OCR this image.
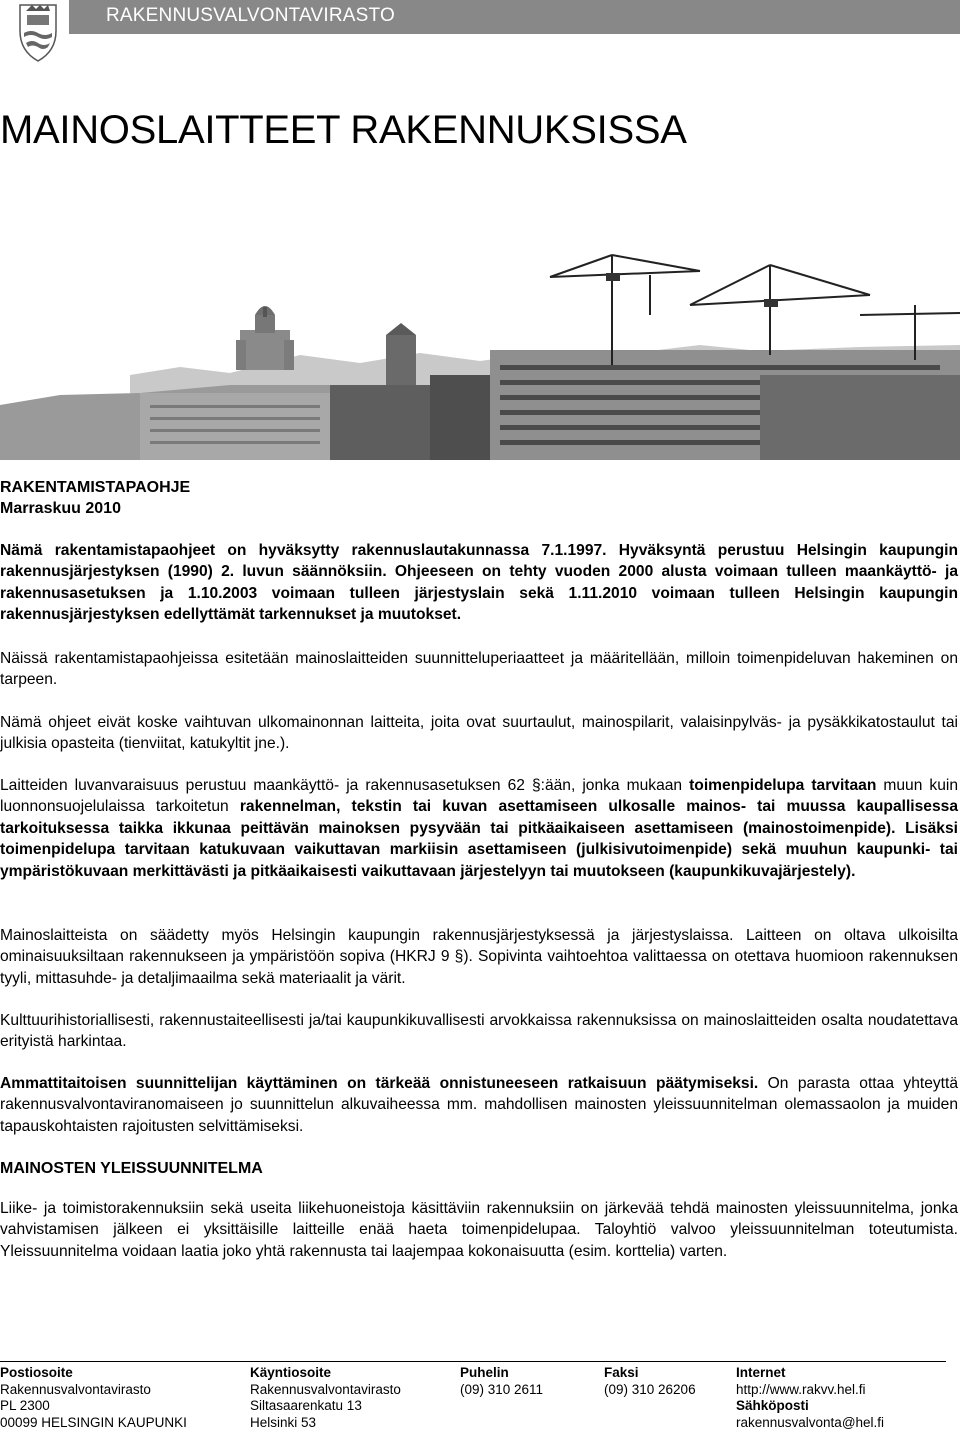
RAKENNUSVALVONTAVIRASTO
MAINOSLAITTEET RAKENNUKSISSA
RAKENTAMISTAPAOHJE
Marraskuu 2010

Nämä rakentamistapaohjeet on hyväksytty rakennuslautakunnassa 7.1.1997. Hyväksyntä perustuu Helsingin kaupungin rakennusjärjestyksen (1990) 2. luvun säännöksiin. Ohjeeseen on tehty vuoden 2000 alusta voimaan tulleen maankäyttö- ja rakennusasetuksen ja 1.10.2003 voimaan tulleen järjestyslain sekä 1.11.2010 voimaan tulleen Helsingin kaupungin rakennusjärjestyksen edellyttämät tarkennukset ja muutokset.

Näissä rakentamistapaohjeissa esitetään mainoslaitteiden suunnitteluperiaatteet ja määritellään, milloin toimenpideluvan hakeminen on tarpeen.

Nämä ohjeet eivät koske vaihtuvan ulkomainonnan laitteita, joita ovat suurtaulut, mainospilarit, valaisinpylväs- ja pysäkkikatostaulut tai julkisia opasteita (tienviitat, katukyltit jne.).

Laitteiden luvanvaraisuus perustuu maankäyttö- ja rakennusasetuksen 62 §:ään, jonka mukaan toimenpidelupa tarvitaan muun kuin luonnonsuojelulaissa tarkoitetun rakennelman, tekstin tai kuvan asettamiseen ulkosalle mainos- tai muussa kaupallisessa tarkoituksessa taikka ikkunaa peittävän mainoksen pysyvään tai pitkäaikaiseen asettamiseen (mainostoimenpide). Lisäksi toimenpidelupa tarvitaan katukuvaan vaikuttavan markiisin asettamiseen (julkisivutoimenpide) sekä muuhun kaupunki- tai ympäristökuvaan merkittävästi ja pitkäaikaisesti vaikuttavaan järjestelyyn tai muutokseen (kaupunkikuvajärjestely).

Mainoslaitteista on säädetty myös Helsingin kaupungin rakennusjärjestyksessä ja järjestyslaissa. Laitteen on oltava ulkoisilta ominaisuuksiltaan rakennukseen ja ympäristöön sopiva (HKRJ 9 §). Sopivinta vaihtoehtoa valittaessa on otettava huomioon rakennuksen tyyli, mittasuhde- ja detaljimaailma sekä materiaalit ja värit.

Kulttuurihistoriallisesti, rakennustaiteellisesti ja/tai kaupunkikuvallisesti arvokkaissa rakennuksissa on mainoslaitteiden osalta noudatettava erityistä harkintaa.

Ammattitaitoisen suunnittelijan käyttäminen on tärkeää onnistuneeseen ratkaisuun päätymiseksi. On parasta ottaa yhteyttä rakennusvalvontaviranomaiseen jo suunnittelun alkuvaiheessa mm. mahdollisen mainosten yleissuunnitelman olemassaolon ja muiden tapauskohtaisten rajoitusten selvittämiseksi.

MAINOSTEN YLEISSUUNNITELMA

Liike- ja toimistorakennuksiin sekä useita liikehuoneistoja käsittäviin rakennuksiin on järkevää tehdä mainosten yleissuunnitelma, jonka vahvistamisen jälkeen ei yksittäisille laitteille enää haeta toimenpidelupaa. Taloyhtiö valvoo yleissuunnitelman toteutumista. Yleissuunnitelma voidaan laatia joko yhtä rakennusta tai laajempaa kokonaisuutta (esim. korttelia) varten.

Postiosoite
Rakennusvalvontavirasto
PL 2300
00099 HELSINGIN KAUPUNKI
Käyntiosoite
Rakennusvalvontavirasto
Siltasaarenkatu 13
Helsinki 53
Puhelin
(09) 310 2611
Faksi
(09) 310 26206
Internet
http://www.rakvv.hel.fi
Sähköposti
rakennusvalvonta@hel.fi
